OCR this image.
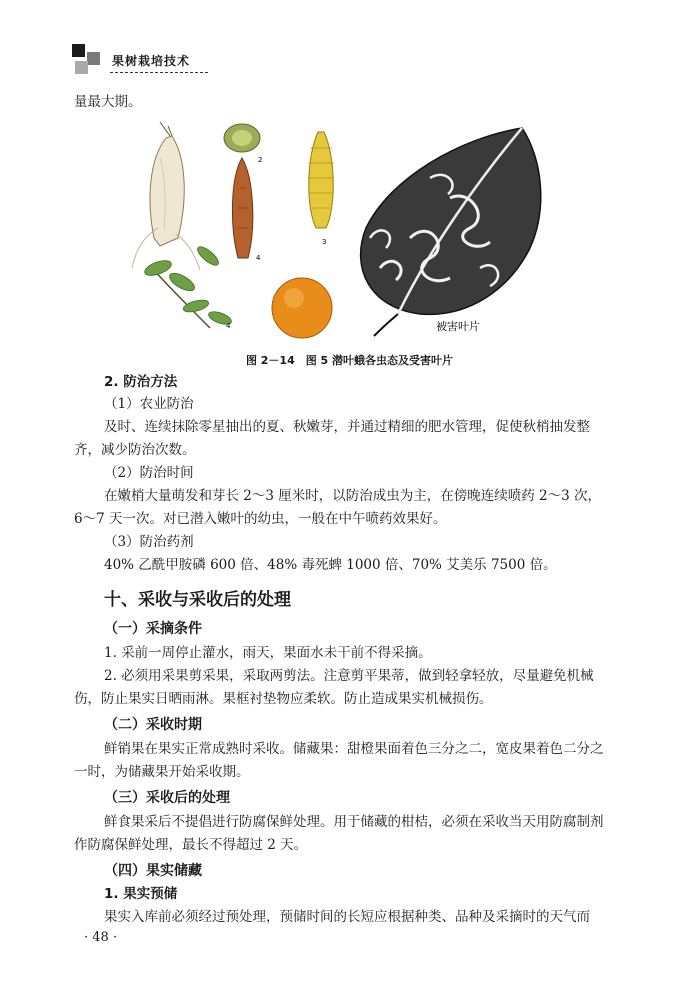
果树栽培技术
量最大期。
2
3
4
4
被害叶片
图 2－14　图 5 潜叶蛾各虫态及受害叶片
2. 防治方法
（1）农业防治
及时、连续抹除零星抽出的夏、秋嫩芽，并通过精细的肥水管理，促使秋梢抽发整
齐，减少防治次数。
（2）防治时间
在嫩梢大量萌发和芽长 2～3 厘米时，以防治成虫为主，在傍晚连续喷药 2～3 次，
6～7 天一次。对已潜入嫩叶的幼虫，一般在中午喷药效果好。
（3）防治药剂
40% 乙酰甲胺磷 600 倍、48% 毒死蜱 1000 倍、70% 艾美乐 7500 倍。
十、采收与采收后的处理
（一）采摘条件
1. 采前一周停止灌水，雨天，果面水未干前不得采摘。
2. 必须用采果剪采果，采取两剪法。注意剪平果蒂，做到轻拿轻放，尽量避免机械
伤，防止果实日晒雨淋。果框衬垫物应柔软。防止造成果实机械损伤。
（二）采收时期
鲜销果在果实正常成熟时采收。储藏果：甜橙果面着色三分之二，宽皮果着色二分之
一时，为储藏果开始采收期。
（三）采收后的处理
鲜食果采后不提倡进行防腐保鲜处理。用于储藏的柑桔，必须在采收当天用防腐制剂
作防腐保鲜处理，最长不得超过 2 天。
（四）果实储藏
1. 果实预储
果实入库前必须经过预处理，预储时间的长短应根据种类、品种及采摘时的天气而
· 48 ·
